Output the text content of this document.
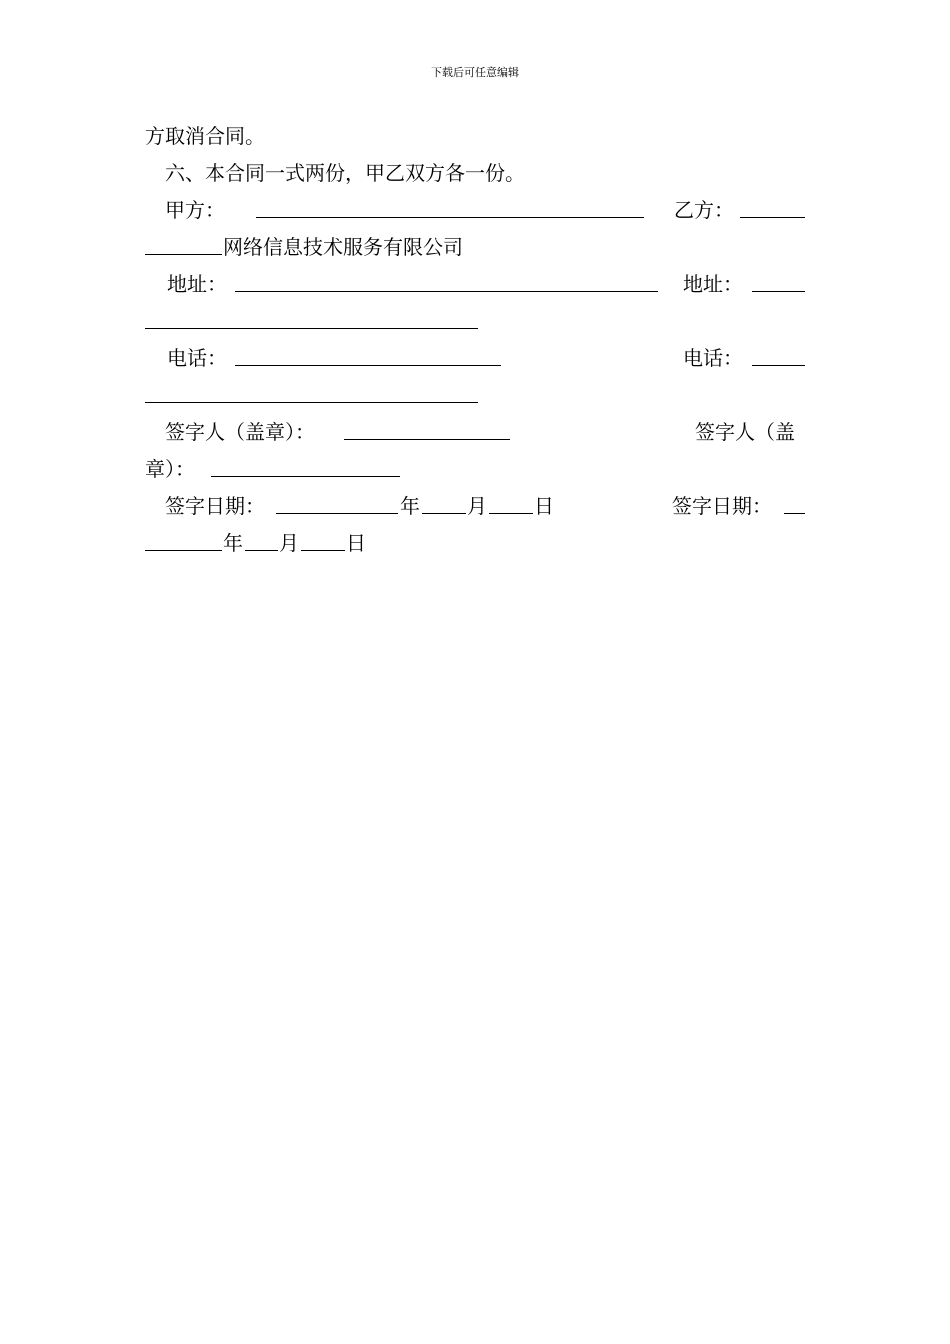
下载后可任意编辑
方取消合同。
六、本合同一式两份，甲乙双方各一份。
甲方：	乙方：
网络信息技术服务有限公司
地址：	地址：
电话：	电话：
签字人（盖章）：	签字人（盖
章）：
签字日期：	年 月 日	签字日期：
年 月 日
